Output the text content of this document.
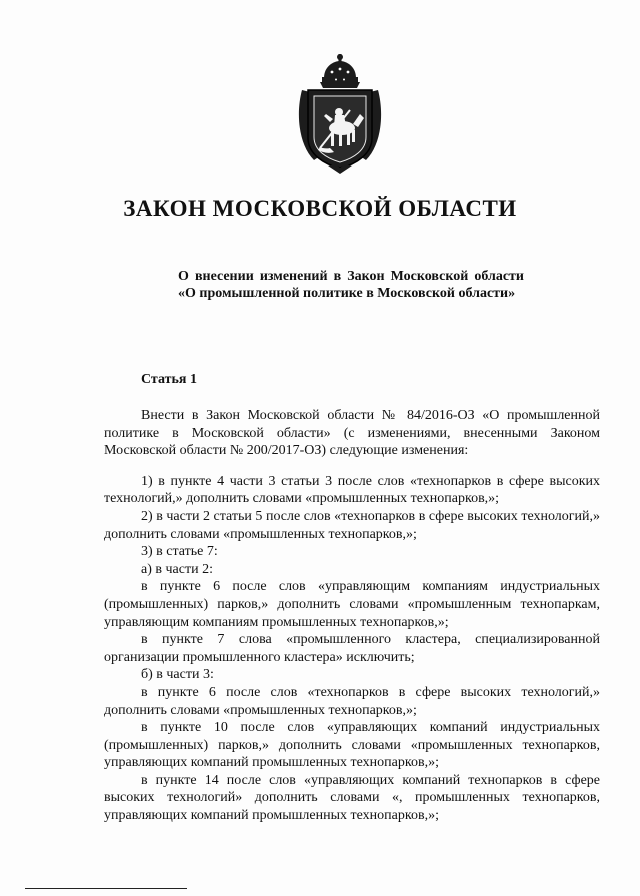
ЗАКОН МОСКОВСКОЙ ОБЛАСТИ
О внесении изменений в Закон Московской области «О промышленной политике в Московской области»
Статья 1

Внести в Закон Московской области № 84/2016-ОЗ «О промышленной политике в Московской области» (с изменениями, внесенными Законом Московской области № 200/2017-ОЗ) следующие изменения:

1) в пункте 4 части 3 статьи 3 после слов «технопарков в сфере высоких технологий,» дополнить словами «промышленных технопарков,»;

2) в части 2 статьи 5 после слов «технопарков в сфере высоких технологий,» дополнить словами «промышленных технопарков,»;

3) в статье 7:

а) в части 2:

в пункте 6 после слов «управляющим компаниям индустриальных (промышленных) парков,» дополнить словами «промышленным технопаркам, управляющим компаниям промышленных технопарков,»;

в пункте 7 слова «промышленного кластера, специализированной организации промышленного кластера» исключить;

б) в части 3:

в пункте 6 после слов «технопарков в сфере высоких технологий,» дополнить словами «промышленных технопарков,»;

в пункте 10 после слов «управляющих компаний индустриальных (промышленных) парков,» дополнить словами «промышленных технопарков, управляющих компаний промышленных технопарков,»;

в пункте 14 после слов «управляющих компаний технопарков в сфере высоких технологий» дополнить словами «, промышленных технопарков, управляющих компаний промышленных технопарков,»;
